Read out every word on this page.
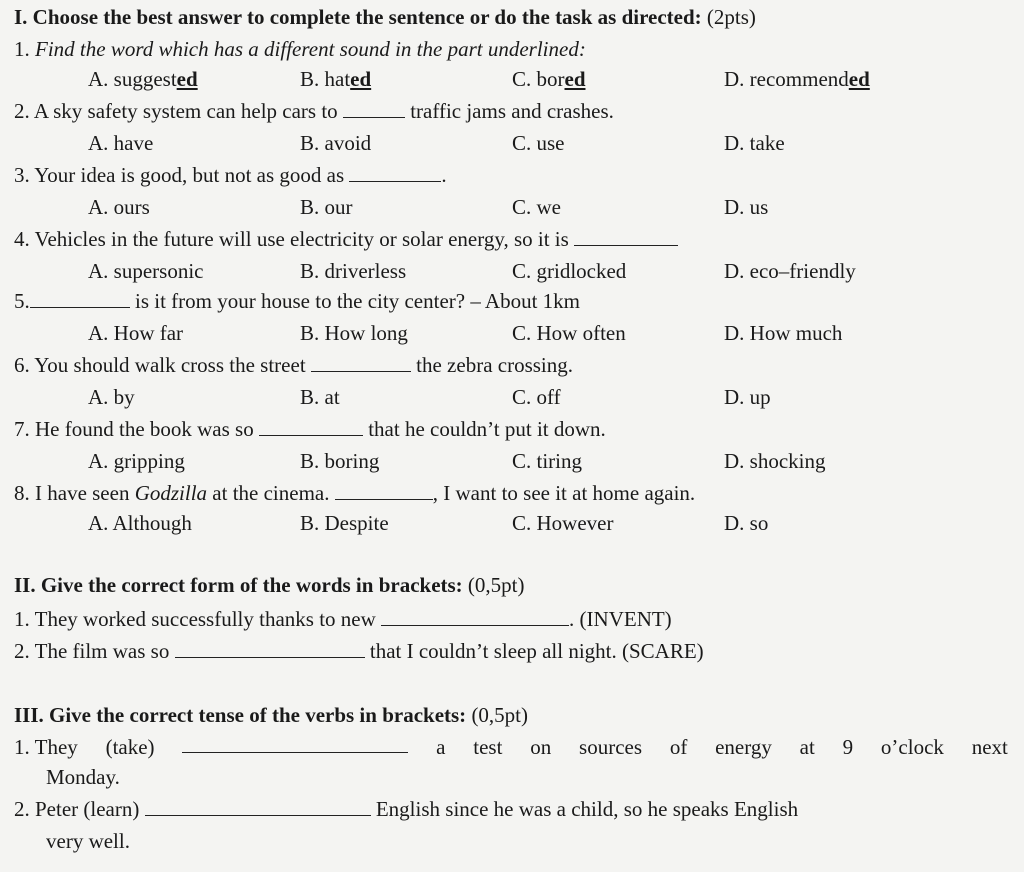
I. Choose the best answer to complete the sentence or do the task as directed: (2pts)
1. Find the word which has a different sound in the part underlined:
A. suggested	B. hated	C. bored	D. recommended
2. A sky safety system can help cars to	traffic jams and crashes.
A. have	B. avoid	C. use	D. take
3. Your idea is good, but not as good as	.
A. ours	B. our	C. we	D. us
4. Vehicles in the future will use electricity or solar energy, so it is
A. supersonic	B. driverless	C. gridlocked	D. eco–friendly
5.	is it from your house to the city center? – About 1km
A. How far	B. How long	C. How often	D. How much
6. You should walk cross the street	the zebra crossing.
A. by	B. at	C. off	D. up
7. He found the book was so	that he couldn’t put it down.
A. gripping	B. boring	C. tiring	D. shocking
8. I have seen Godzilla at the cinema.	, I want to see it at home again.
A. Although	B. Despite	C. However	D. so
II. Give the correct form of the words in brackets: (0,5pt)
1. They worked successfully thanks to new	. (INVENT)
2. The film was so	that I couldn’t sleep all night. (SCARE)
III. Give the correct tense of the verbs in brackets: (0,5pt)
1. They (take)	a test on sources of energy at 9 o’clock next
Monday.
2. Peter (learn)	English since he was a child, so he speaks English
very well.
